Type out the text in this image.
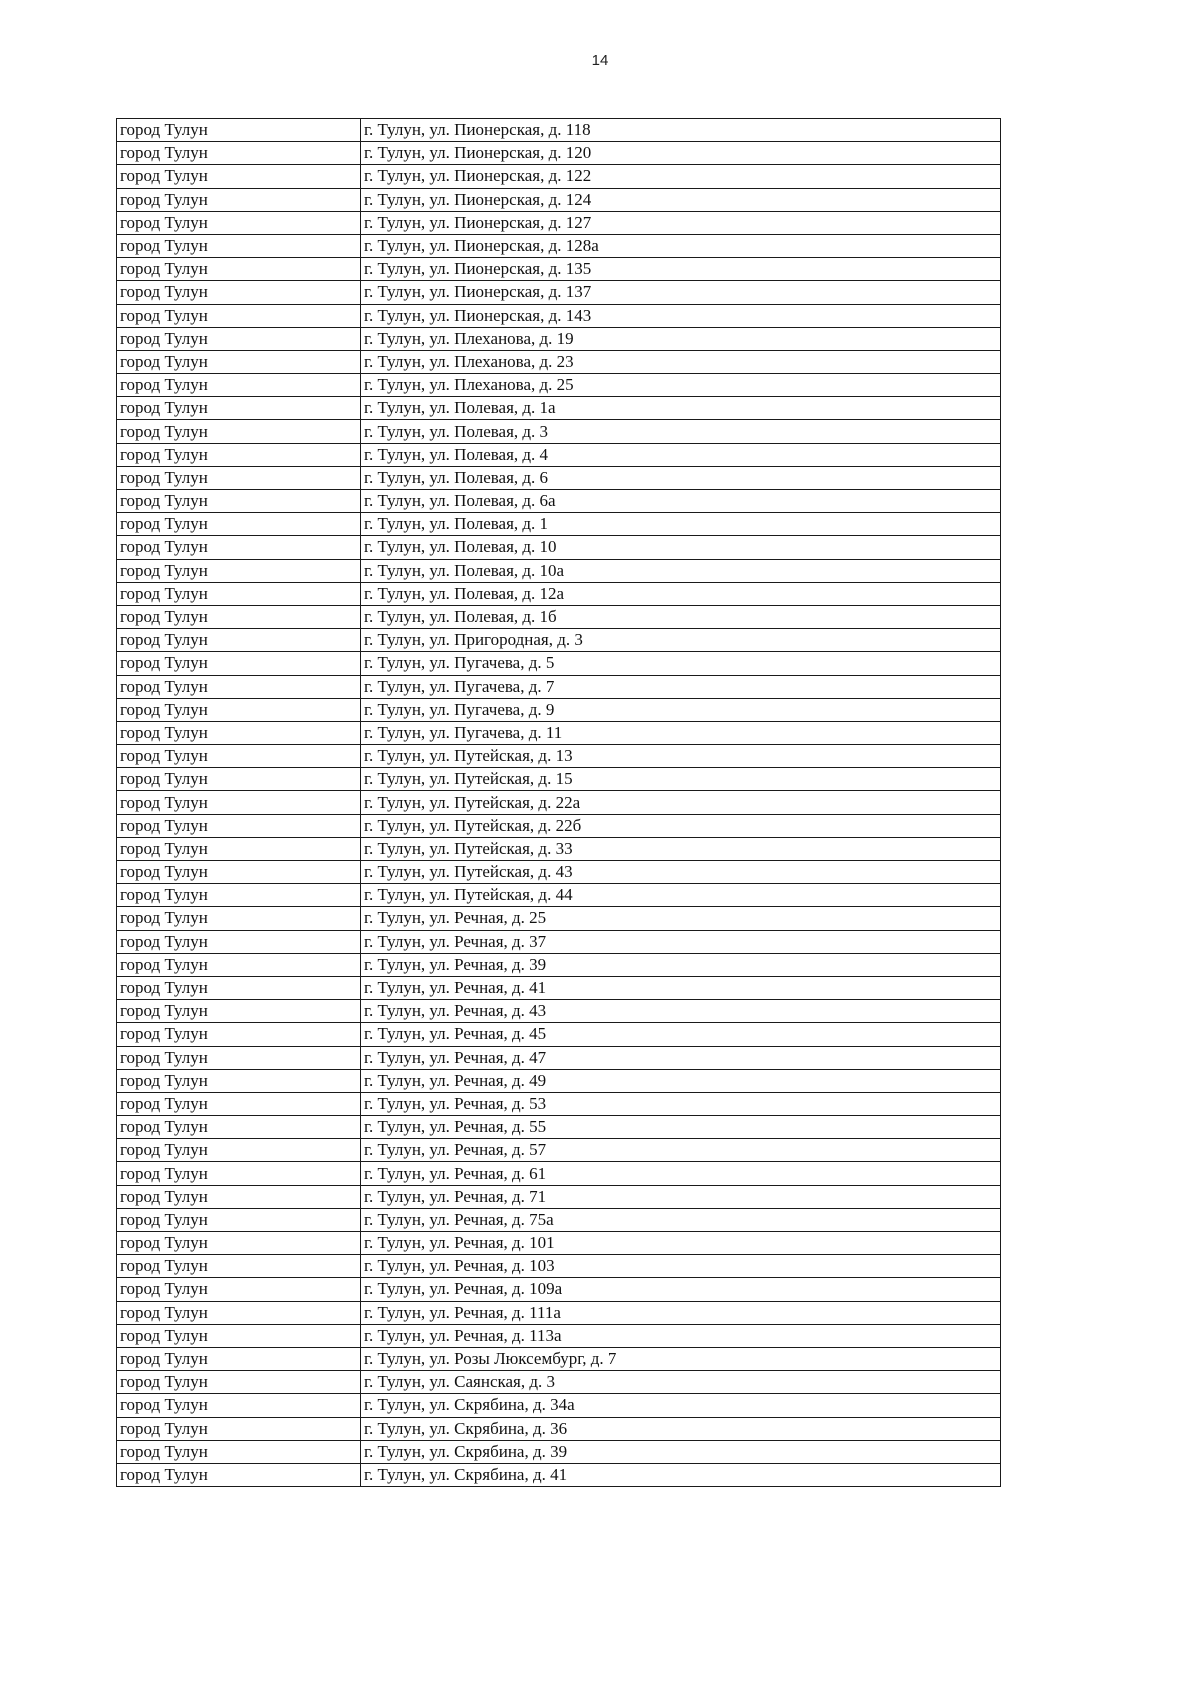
14
город Тулун	г. Тулун, ул. Пионерская, д. 118
город Тулун	г. Тулун, ул. Пионерская, д. 120
город Тулун	г. Тулун, ул. Пионерская, д. 122
город Тулун	г. Тулун, ул. Пионерская, д. 124
город Тулун	г. Тулун, ул. Пионерская, д. 127
город Тулун	г. Тулун, ул. Пионерская, д. 128а
город Тулун	г. Тулун, ул. Пионерская, д. 135
город Тулун	г. Тулун, ул. Пионерская, д. 137
город Тулун	г. Тулун, ул. Пионерская, д. 143
город Тулун	г. Тулун, ул. Плеханова, д. 19
город Тулун	г. Тулун, ул. Плеханова, д. 23
город Тулун	г. Тулун, ул. Плеханова, д. 25
город Тулун	г. Тулун, ул. Полевая, д. 1а
город Тулун	г. Тулун, ул. Полевая, д. 3
город Тулун	г. Тулун, ул. Полевая, д. 4
город Тулун	г. Тулун, ул. Полевая, д. 6
город Тулун	г. Тулун, ул. Полевая, д. 6а
город Тулун	г. Тулун, ул. Полевая, д. 1
город Тулун	г. Тулун, ул. Полевая, д. 10
город Тулун	г. Тулун, ул. Полевая, д. 10а
город Тулун	г. Тулун, ул. Полевая, д. 12а
город Тулун	г. Тулун, ул. Полевая, д. 1б
город Тулун	г. Тулун, ул. Пригородная, д. 3
город Тулун	г. Тулун, ул. Пугачева, д. 5
город Тулун	г. Тулун, ул. Пугачева, д. 7
город Тулун	г. Тулун, ул. Пугачева, д. 9
город Тулун	г. Тулун, ул. Пугачева, д. 11
город Тулун	г. Тулун, ул. Путейская, д. 13
город Тулун	г. Тулун, ул. Путейская, д. 15
город Тулун	г. Тулун, ул. Путейская, д. 22а
город Тулун	г. Тулун, ул. Путейская, д. 22б
город Тулун	г. Тулун, ул. Путейская, д. 33
город Тулун	г. Тулун, ул. Путейская, д. 43
город Тулун	г. Тулун, ул. Путейская, д. 44
город Тулун	г. Тулун, ул. Речная, д. 25
город Тулун	г. Тулун, ул. Речная, д. 37
город Тулун	г. Тулун, ул. Речная, д. 39
город Тулун	г. Тулун, ул. Речная, д. 41
город Тулун	г. Тулун, ул. Речная, д. 43
город Тулун	г. Тулун, ул. Речная, д. 45
город Тулун	г. Тулун, ул. Речная, д. 47
город Тулун	г. Тулун, ул. Речная, д. 49
город Тулун	г. Тулун, ул. Речная, д. 53
город Тулун	г. Тулун, ул. Речная, д. 55
город Тулун	г. Тулун, ул. Речная, д. 57
город Тулун	г. Тулун, ул. Речная, д. 61
город Тулун	г. Тулун, ул. Речная, д. 71
город Тулун	г. Тулун, ул. Речная, д. 75а
город Тулун	г. Тулун, ул. Речная, д. 101
город Тулун	г. Тулун, ул. Речная, д. 103
город Тулун	г. Тулун, ул. Речная, д. 109а
город Тулун	г. Тулун, ул. Речная, д. 111а
город Тулун	г. Тулун, ул. Речная, д. 113а
город Тулун	г. Тулун, ул. Розы Люксембург, д. 7
город Тулун	г. Тулун, ул. Саянская, д. 3
город Тулун	г. Тулун, ул. Скрябина, д. 34а
город Тулун	г. Тулун, ул. Скрябина, д. 36
город Тулун	г. Тулун, ул. Скрябина, д. 39
город Тулун	г. Тулун, ул. Скрябина, д. 41
